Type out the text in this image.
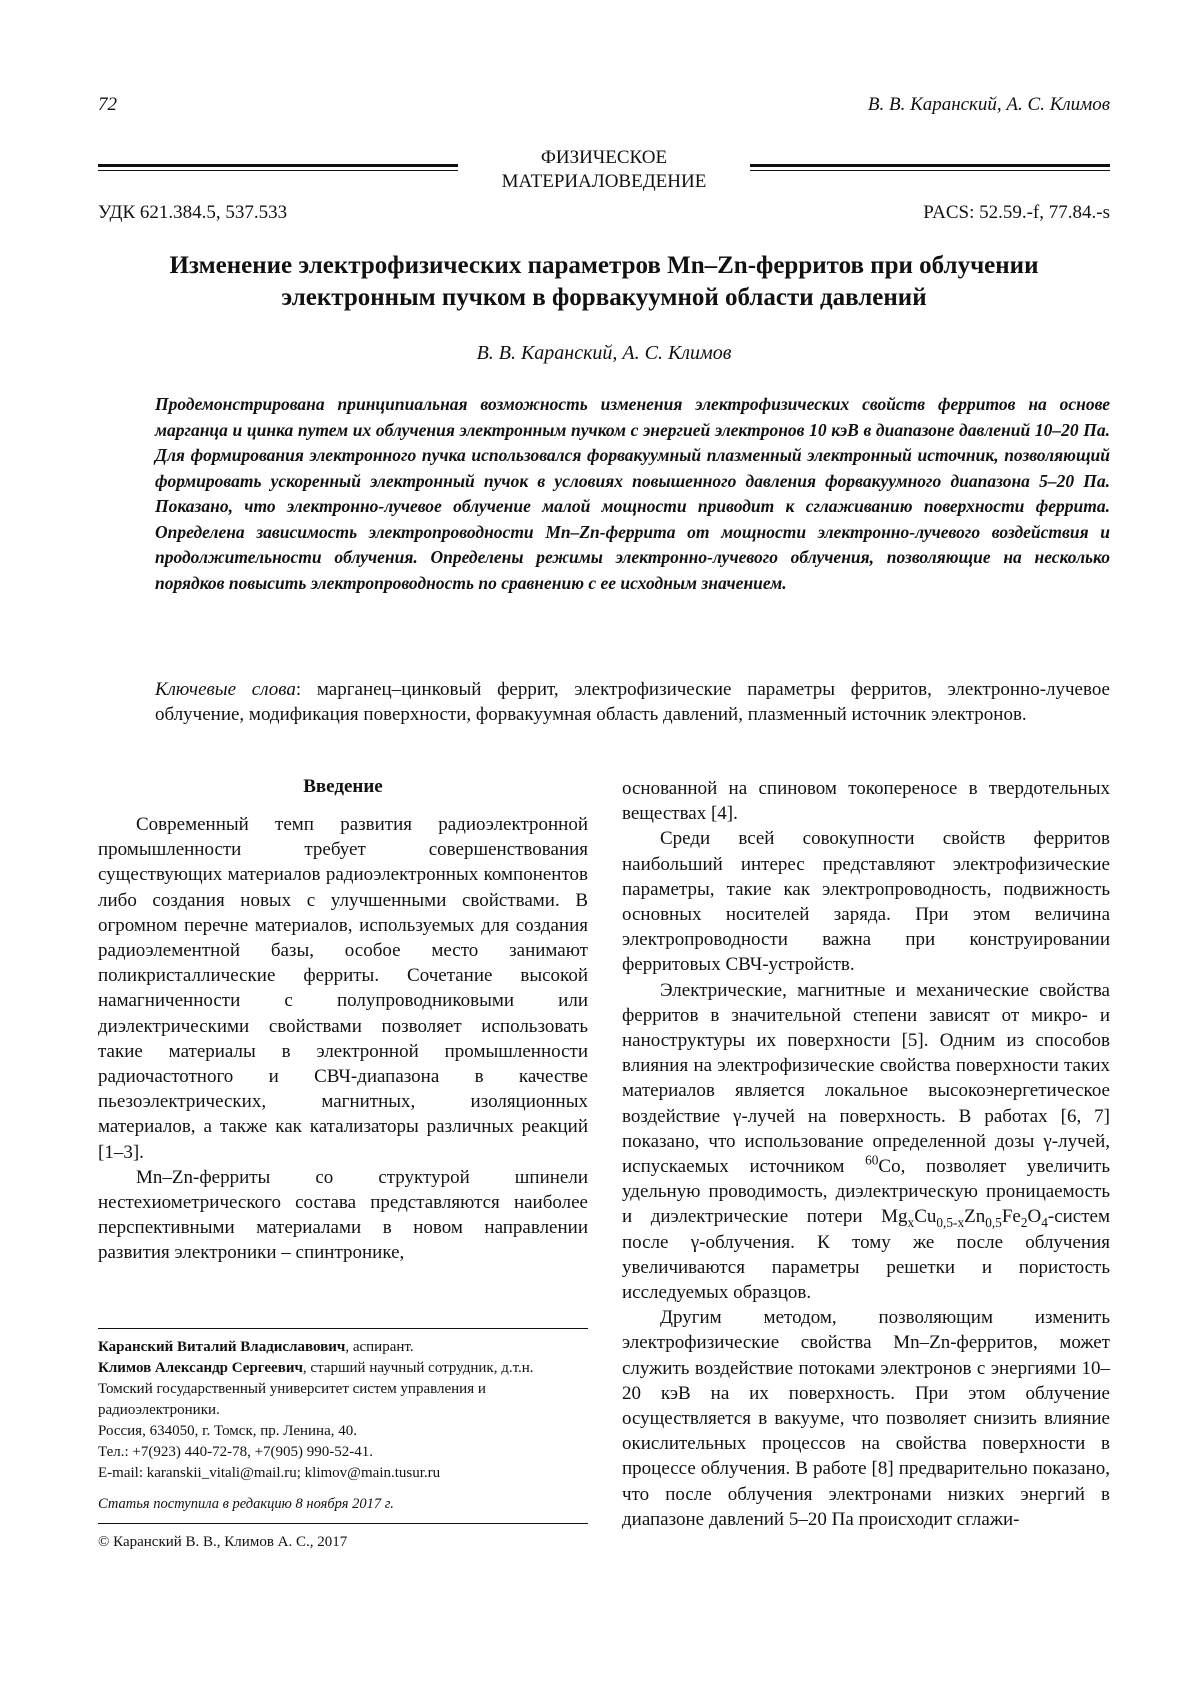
72	В. В. Каранский, А. С. Климов
ФИЗИЧЕСКОЕ
МАТЕРИАЛОВЕДЕНИЕ
УДК 621.384.5, 537.533	PACS: 52.59.-f, 77.84.-s
Изменение электрофизических параметров Mn–Zn-ферритов при облучении электронным пучком в форвакуумной области давлений
В. В. Каранский, А. С. Климов
Продемонстрирована принципиальная возможность изменения электрофизических свойств ферритов на основе марганца и цинка путем их облучения электронным пучком с энергией электронов 10 кэВ в диапазоне давлений 10–20 Па. Для формирования электронного пучка использовался форвакуумный плазменный электронный источник, позволяющий формировать ускоренный электронный пучок в условиях повышенного давления форвакуумного диапазона 5–20 Па. Показано, что электронно-лучевое облучение малой мощности приводит к сглаживанию поверхности феррита. Определена зависимость электропроводности Mn–Zn-феррита от мощности электронно-лучевого воздействия и продолжительности облучения. Определены режимы электронно-лучевого облучения, позволяющие на несколько порядков повысить электропроводность по сравнению с ее исходным значением.
Ключевые слова: марганец–цинковый феррит, электрофизические параметры ферритов, электронно-лучевое облучение, модификация поверхности, форвакуумная область давлений, плазменный источник электронов.
Введение

Современный темп развития радиоэлектронной промышленности требует совершенствования существующих материалов радиоэлектронных компонентов либо создания новых с улучшенными свойствами. В огромном перечне материалов, используемых для создания радиоэлементной базы, особое место занимают поликристаллические ферриты. Сочетание высокой намагниченности с полупроводниковыми или диэлектрическими свойствами позволяет использовать такие материалы в электронной промышленности радиочастотного и СВЧ-диапазона в качестве пьезоэлектрических, магнитных, изоляционных материалов, а также как катализаторы различных реакций [1–3].

Mn–Zn-ферриты со структурой шпинели нестехиометрического состава представляются наиболее перспективными материалами в новом направлении развития электроники – спинтронике,

основанной на спиновом токопереносе в твердотельных веществах [4].

Среди всей совокупности свойств ферритов наибольший интерес представляют электрофизические параметры, такие как электропроводность, подвижность основных носителей заряда. При этом величина электропроводности важна при конструировании ферритовых СВЧ-устройств.

Электрические, магнитные и механические свойства ферритов в значительной степени зависят от микро- и наноструктуры их поверхности [5]. Одним из способов влияния на электрофизические свойства поверхности таких материалов является локальное высокоэнергетическое воздействие γ-лучей на поверхность. В работах [6, 7] показано, что использование определенной дозы γ-лучей, испускаемых источником $^{60}$Co, позволяет увеличить удельную проводимость, диэлектрическую проницаемость и диэлектрические потери $Mg_xCu_{0,5-x}Zn_{0,5}Fe_2O_4$-систем после γ-облучения. К тому же после облучения увеличиваются параметры решетки и пористость исследуемых образцов.

Другим методом, позволяющим изменить электрофизические свойства Mn–Zn-ферритов, может служить воздействие потоками электронов с энергиями 10–20 кэВ на их поверхность. При этом облучение осуществляется в вакууме, что позволяет снизить влияние окислительных процессов на свойства поверхности в процессе облучения. В работе [8] предварительно показано, что после облучения электронами низких энергий в диапазоне давлений 5–20 Па происходит сглажи-

Каранский Виталий Владиславович, аспирант.
Климов Александр Сергеевич, старший научный сотрудник, д.т.н.
Томский государственный университет систем управления и радиоэлектроники.
Россия, 634050, г. Томск, пр. Ленина, 40.
Тел.: +7(923) 440-72-78, +7(905) 990-52-41.
E-mail: karanskii_vitali@mail.ru; klimov@main.tusur.ru
Статья поступила в редакцию 8 ноября 2017 г.
© Каранский В. В., Климов А. С., 2017
